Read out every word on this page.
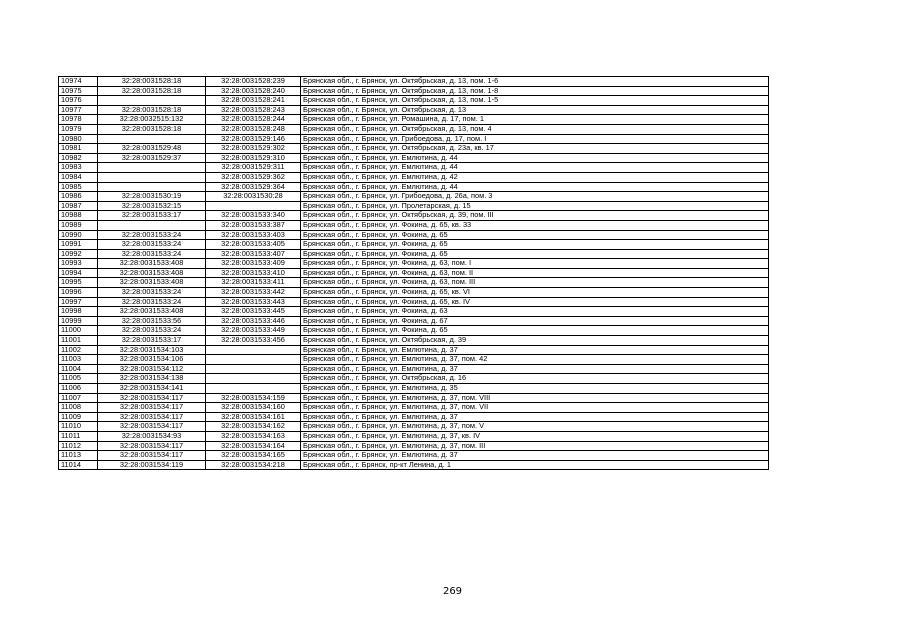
10974	32:28:0031528:18	32:28:0031528:239	Брянская обл., г. Брянск, ул. Октябрьская, д. 13, пом. 1-6
10975	32:28:0031528:18	32:28:0031528:240	Брянская обл., г. Брянск, ул. Октябрьская, д. 13, пом. 1-8
10976		32:28:0031528:241	Брянская обл., г. Брянск, ул. Октябрьская, д. 13, пом. 1-5
10977	32:28:0031528:18	32:28:0031528:243	Брянская обл., г. Брянск, ул. Октябрьская, д. 13
10978	32:28:0032515:132	32:28:0031528:244	Брянская обл., г. Брянск, ул. Ромашина, д. 17, пом. 1
10979	32:28:0031528:18	32:28:0031528:248	Брянская обл., г. Брянск, ул. Октябрьская, д. 13, пом. 4
10980		32:28:0031529:146	Брянская обл., г. Брянск, ул. Грибоедова, д. 17, пом. I
10981	32:28:0031529:48	32:28:0031529:302	Брянская обл., г. Брянск, ул. Октябрьская, д. 23а, кв. 17
10982	32:28:0031529:37	32:28:0031529:310	Брянская обл., г. Брянск, ул. Емлютина, д. 44
10983		32:28:0031529:311	Брянская обл., г. Брянск, ул. Емлютина, д. 44
10984		32:28:0031529:362	Брянская обл., г. Брянск, ул. Емлютина, д. 42
10985		32:28:0031529:364	Брянская обл., г. Брянск, ул. Емлютина, д. 44
10986	32:28:0031530:19	32:28:0031530:28	Брянская обл., г. Брянск, ул. Грибоедова, д. 26а, пом. 3
10987	32:28:0031532:15		Брянская обл., г. Брянск, ул. Пролетарская, д. 15
10988	32:28:0031533:17	32:28:0031533:340	Брянская обл., г. Брянск, ул. Октябрьская, д. 39, пом. III
10989		32:28:0031533:387	Брянская обл., г. Брянск, ул. Фокина, д. 65, кв. 33
10990	32:28:0031533:24	32:28:0031533:403	Брянская обл., г. Брянск, ул. Фокина, д. 65
10991	32:28:0031533:24	32:28:0031533:405	Брянская обл., г. Брянск, ул. Фокина, д. 65
10992	32:28:0031533:24	32:28:0031533:407	Брянская обл., г. Брянск, ул. Фокина, д. 65
10993	32:28:0031533:408	32:28:0031533:409	Брянская обл., г. Брянск, ул. Фокина, д. 63, пом. I
10994	32:28:0031533:408	32:28:0031533:410	Брянская обл., г. Брянск, ул. Фокина, д. 63, пом. II
10995	32:28:0031533:408	32:28:0031533:411	Брянская обл., г. Брянск, ул. Фокина, д. 63, пом. III
10996	32:28:0031533:24	32:28:0031533:442	Брянская обл., г. Брянск, ул. Фокина, д. 65, кв. VI
10997	32:28:0031533:24	32:28:0031533:443	Брянская обл., г. Брянск, ул. Фокина, д. 65, кв. IV
10998	32:28:0031533:408	32:28:0031533:445	Брянская обл., г. Брянск, ул. Фокина, д. 63
10999	32:28:0031533:56	32:28:0031533:446	Брянская обл., г. Брянск, ул. Фокина, д. 67
11000	32:28:0031533:24	32:28:0031533:449	Брянская обл., г. Брянск, ул. Фокина, д. 65
11001	32:28:0031533:17	32:28:0031533:456	Брянская обл., г. Брянск, ул. Октябрьская, д. 39
11002	32:28:0031534:103		Брянская обл., г. Брянск, ул. Емлютина, д. 37
11003	32:28:0031534:106		Брянская обл., г. Брянск, ул. Емлютина, д. 37, пом. 42
11004	32:28:0031534:112		Брянская обл., г. Брянск, ул. Емлютина, д. 37
11005	32:28:0031534:138		Брянская обл., г. Брянск, ул. Октябрьская, д. 16
11006	32:28:0031534:141		Брянская обл., г. Брянск, ул. Емлютина, д. 35
11007	32:28:0031534:117	32:28:0031534:159	Брянская обл., г. Брянск, ул. Емлютина, д. 37, пом. VIII
11008	32:28:0031534:117	32:28:0031534:160	Брянская обл., г. Брянск, ул. Емлютина, д. 37, пом. VII
11009	32:28:0031534:117	32:28:0031534:161	Брянская обл., г. Брянск, ул. Емлютина, д. 37
11010	32:28:0031534:117	32:28:0031534:162	Брянская обл., г. Брянск, ул. Емлютина, д. 37, пом. V
11011	32:28:0031534:93	32:28:0031534:163	Брянская обл., г. Брянск, ул. Емлютина, д. 37, кв. IV
11012	32:28:0031534:117	32:28:0031534:164	Брянская обл., г. Брянск, ул. Емлютина, д. 37, пом. III
11013	32:28:0031534:117	32:28:0031534:165	Брянская обл., г. Брянск, ул. Емлютина, д. 37
11014	32:28:0031534:119	32:28:0031534:218	Брянская обл., г. Брянск, пр-кт Ленина, д. 1
269
